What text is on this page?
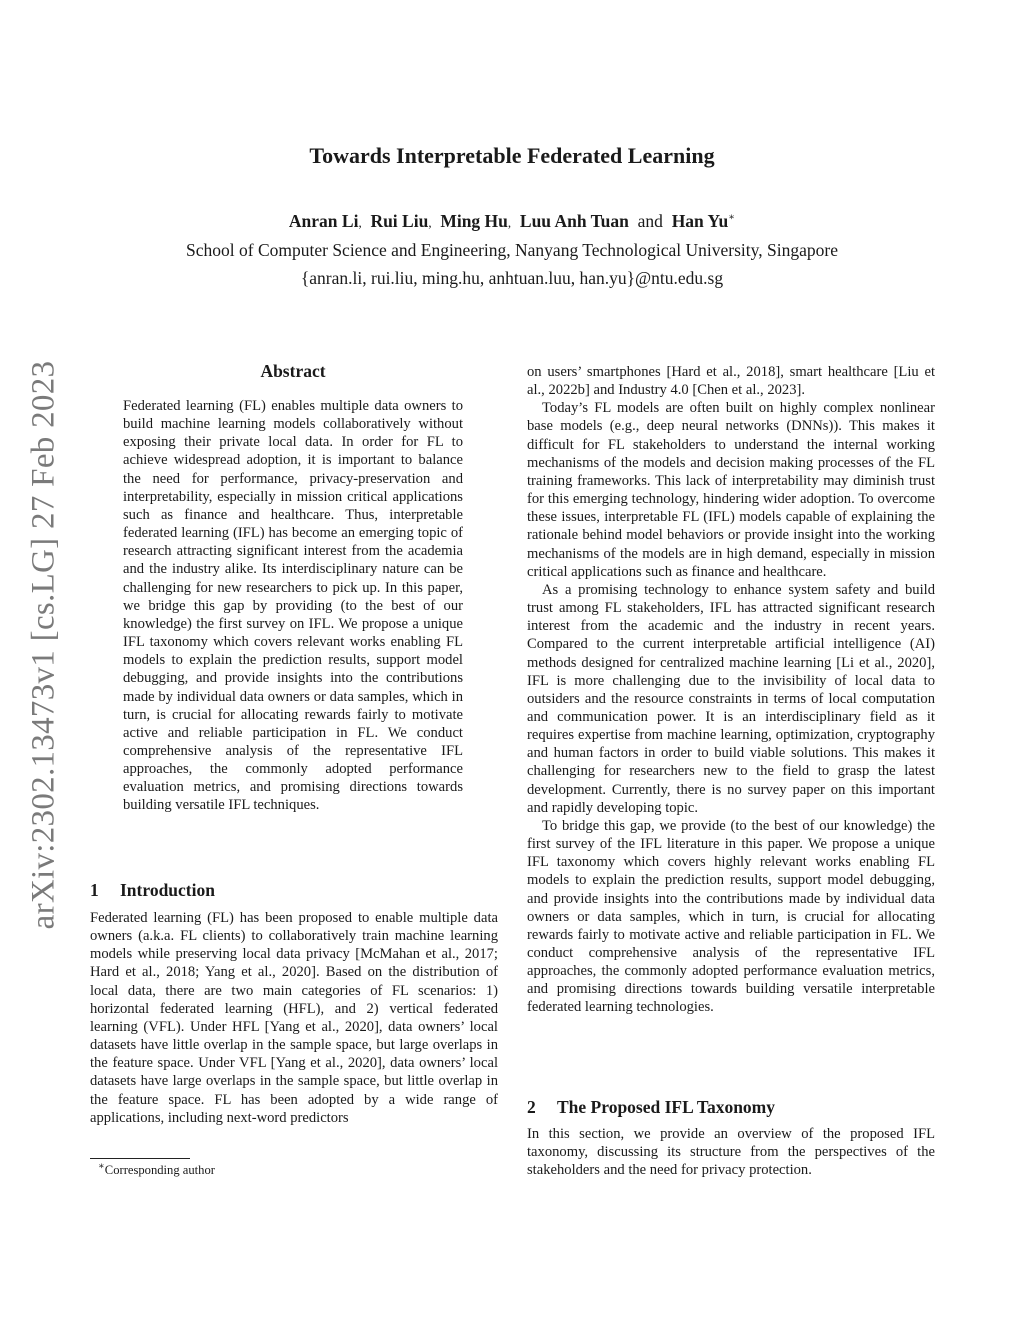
Towards Interpretable Federated Learning
Anran Li, Rui Liu, Ming Hu, Luu Anh Tuan and Han Yu∗
School of Computer Science and Engineering, Nanyang Technological University, Singapore
{anran.li, rui.liu, ming.hu, anhtuan.luu, han.yu}@ntu.edu.sg
arXiv:2302.13473v1 [cs.LG] 27 Feb 2023	Abstract

Federated learning (FL) enables multiple data owners to build machine learning models collaboratively without exposing their private local data. In order for FL to achieve widespread adoption, it is important to balance the need for performance, privacy-preservation and interpretability, especially in mission critical applications such as finance and healthcare. Thus, interpretable federated learning (IFL) has become an emerging topic of research attracting significant interest from the academia and the industry alike. Its interdisciplinary nature can be challenging for new researchers to pick up. In this paper, we bridge this gap by providing (to the best of our knowledge) the first survey on IFL. We propose a unique IFL taxonomy which covers relevant works enabling FL models to explain the prediction results, support model debugging, and provide insights into the contributions made by individual data owners or data samples, which in turn, is crucial for allocating rewards fairly to motivate active and reliable participation in FL. We conduct comprehensive analysis of the representative IFL approaches, the commonly adopted performance evaluation metrics, and promising directions towards building versatile IFL techniques.

1 Introduction

Federated learning (FL) has been proposed to enable multiple data owners (a.k.a. FL clients) to collaboratively train machine learning models while preserving local data privacy [McMahan et al., 2017; Hard et al., 2018; Yang et al., 2020]. Based on the distribution of local data, there are two main categories of FL scenarios: 1) horizontal federated learning (HFL), and 2) vertical federated learning (VFL). Under HFL [Yang et al., 2020], data owners’ local datasets have little overlap in the sample space, but large overlaps in the feature space. Under VFL [Yang et al., 2020], data owners’ local datasets have large overlaps in the sample space, but little overlap in the feature space. FL has been adopted by a wide range of applications, including next-word predictors

∗Corresponding author

on users’ smartphones [Hard et al., 2018], smart healthcare [Liu et al., 2022b] and Industry 4.0 [Chen et al., 2023].

Today’s FL models are often built on highly complex nonlinear base models (e.g., deep neural networks (DNNs)). This makes it difficult for FL stakeholders to understand the internal working mechanisms of the models and decision making processes of the FL training frameworks. This lack of interpretability may diminish trust for this emerging technology, hindering wider adoption. To overcome these issues, interpretable FL (IFL) models capable of explaining the rationale behind model behaviors or provide insight into the working mechanisms of the models are in high demand, especially in mission critical applications such as finance and healthcare.

As a promising technology to enhance system safety and build trust among FL stakeholders, IFL has attracted significant research interest from the academic and the industry in recent years. Compared to the current interpretable artificial intelligence (AI) methods designed for centralized machine learning [Li et al., 2020], IFL is more challenging due to the invisibility of local data to outsiders and the resource constraints in terms of local computation and communication power. It is an interdisciplinary field as it requires expertise from machine learning, optimization, cryptography and human factors in order to build viable solutions. This makes it challenging for researchers new to the field to grasp the latest development. Currently, there is no survey paper on this important and rapidly developing topic.

To bridge this gap, we provide (to the best of our knowledge) the first survey of the IFL literature in this paper. We propose a unique IFL taxonomy which covers highly relevant works enabling FL models to explain the prediction results, support model debugging, and provide insights into the contributions made by individual data owners or data samples, which in turn, is crucial for allocating rewards fairly to motivate active and reliable participation in FL. We conduct comprehensive analysis of the representative IFL approaches, the commonly adopted performance evaluation metrics, and promising directions towards building versatile interpretable federated learning technologies.

2 The Proposed IFL Taxonomy

In this section, we provide an overview of the proposed IFL taxonomy, discussing its structure from the perspectives of the stakeholders and the need for privacy protection.
